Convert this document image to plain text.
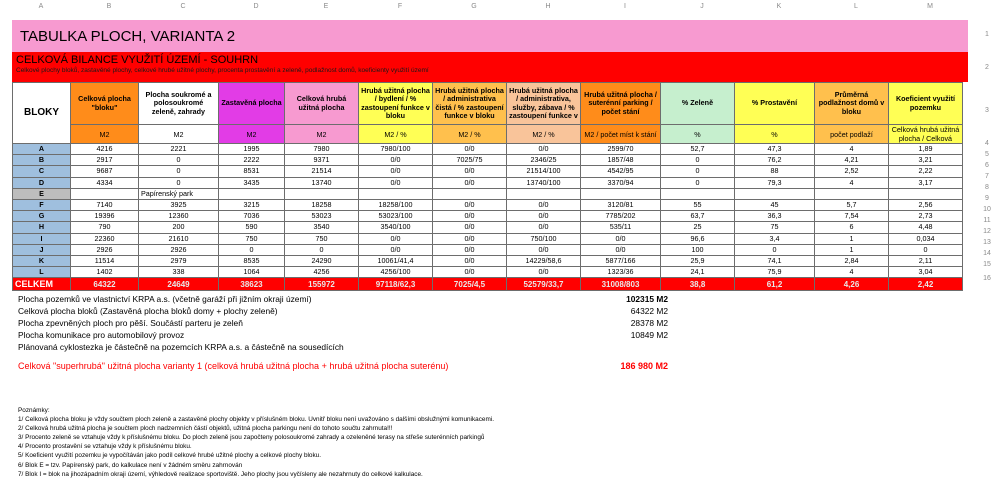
A	B	C	D	E	F	G	H	I	J	K	L	M
1
2
3
4
5
6
7
8
9
10
11
12
13
14
15
16
TABULKA PLOCH, VARIANTA 2
CELKOVÁ BILANCE VYUŽITÍ ÚZEMÍ - SOUHRN
Celkové plochy bloků, zastavěné plochy, celkové hrubé užitné plochy, procenta prostavění a zeleně, podlažnost domů, koeficienty využití území
BLOKY	Celková plocha "bloku"	Plocha soukromé a polosoukromé zeleně, zahrady	Zastavěná plocha	Celková hrubá užitná plocha	Hrubá užitná plocha / bydlení / % zastoupení funkce v bloku	Hrubá užitná plocha / administrativa čistá / % zastoupení funkce v bloku	Hrubá užitná plocha / administrativa, služby, zábava / % zastoupení funkce v	Hrubá užitná plocha / suterénní parking / počet stání	% Zeleně	% Prostavění	Průměrná podlažnost domů v bloku	Koeficient využití pozemku
	M2	M2	M2	M2	M2 / %	M2 / %	M2 / %	M2 / počet míst k stání	%	%	počet podlaží	Celková hrubá užitná plocha / Celková
A	4216	2221	1995	7980	7980/100	0/0	0/0	2599/70	52,7	47,3	4	1,89
B	2917	0	2222	9371	0/0	7025/75	2346/25	1857/48	0	76,2	4,21	3,21
C	9687	0	8531	21514	0/0	0/0	21514/100	4542/95	0	88	2,52	2,22
D	4334	0	3435	13740	0/0	0/0	13740/100	3370/94	0	79,3	4	3,17
E		Papírenský park										
F	7140	3925	3215	18258	18258/100	0/0	0/0	3120/81	55	45	5,7	2,56
G	19396	12360	7036	53023	53023/100	0/0	0/0	7785/202	63,7	36,3	7,54	2,73
H	790	200	590	3540	3540/100	0/0	0/0	535/11	25	75	6	4,48
I	22360	21610	750	750	0/0	0/0	750/100	0/0	96,6	3,4	1	0,034
J	2926	2926	0	0	0/0	0/0	0/0	0/0	100	0	1	0
K	11514	2979	8535	24290	10061/41,4	0/0	14229/58,6	5877/166	25,9	74,1	2,84	2,11
L	1402	338	1064	4256	4256/100	0/0	0/0	1323/36	24,1	75,9	4	3,04
CELKEM	64322	24649	38623	155972	97118/62,3	7025/4,5	52579/33,7	31008/803	38,8	61,2	4,26	2,42
Plocha pozemků ve vlastnictví KRPA a.s. (včetně garáží při jižním okraji území)	102315 M2
Celková plocha bloků (Zastavěná plocha bloků domy + plochy zeleně)	64322 M2
Plocha zpevněných ploch pro pěší. Součástí parteru je zeleň	28378 M2
Plocha komunikace pro automobilový provoz	10849 M2
Plánovaná cyklostezka je částečně na pozemcích KRPA a.s. a částečně na sousedících
Celková "superhrubá" užitná plocha varianty 1 (celková hrubá užitná plocha + hrubá užitná plocha suterénu)	186 980 M2
Poznámky:
1/ Celková plocha bloku je vždy součtem ploch zeleně a zastavěné plochy objekty v příslušném bloku. Uvnitř bloku není uvažováno s dalšími obslužnými komunikacemi.
2/ Celková hrubá užitná plocha je součtem ploch nadzemních částí objektů, užitná plocha parkingu není do tohoto součtu zahrnuta!!!
3/ Procento zeleně se vztahuje vždy k příslušnému bloku. Do ploch zeleně jsou započteny polosoukromé zahrady a ozeleněné terasy na střeše suterénních parkingů
4/ Procento prostavění se vztahuje vždy k příslušnému bloku.
5/ Koeficient využití pozemku je vypočítáván jako podíl celkové hrubé užitné plochy a celkové plochy bloku.
6/ Blok E = tzv. Papírenský park, do kalkulace není v žádném směru zahrnován
7/ Blok I = blok na jihozápadním okraji území, výhledově realizace sportoviště. Jeho plochy jsou vyčísleny ale nezahrnuty do celkové kalkulace.
